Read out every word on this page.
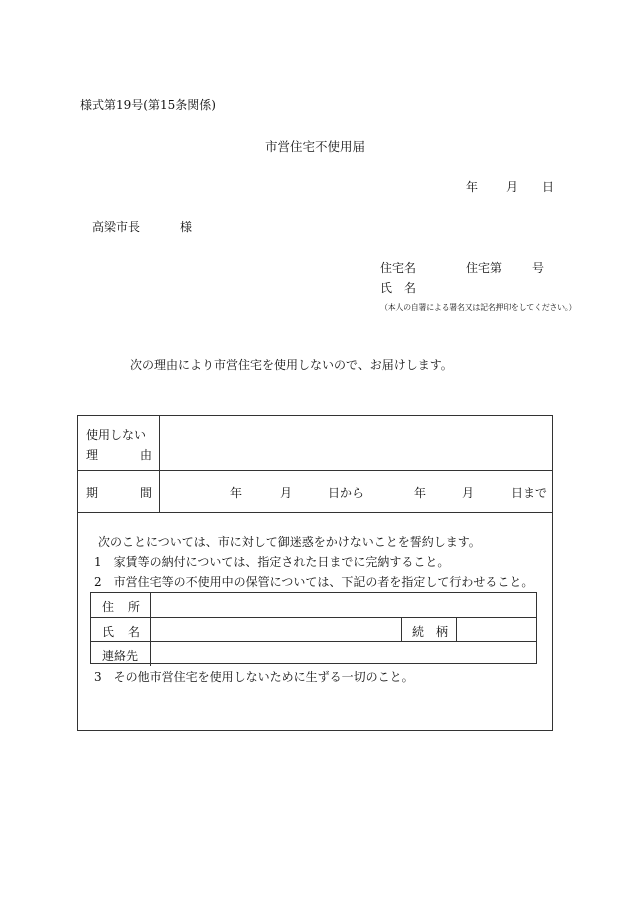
様式第19号(第15条関係)
市営住宅不使用届
年 月 日
高梁市長	様
住宅名	住宅第	号
氏 名
（本人の自署による署名又は記名押印をしてください。）
次の理由により市営住宅を使用しないので、お届けします。
使用しない
理	由
期	間	年	月	日から	年	月	日まで
次のことについては、市に対して御迷惑をかけないことを誓約します。
1　家賃等の納付については、指定された日までに完納すること。
2　市営住宅等の不使用中の保管については、下記の者を指定して行わせること。
住 所
氏 名	続 柄
連絡先
3　その他市営住宅を使用しないために生ずる一切のこと。
